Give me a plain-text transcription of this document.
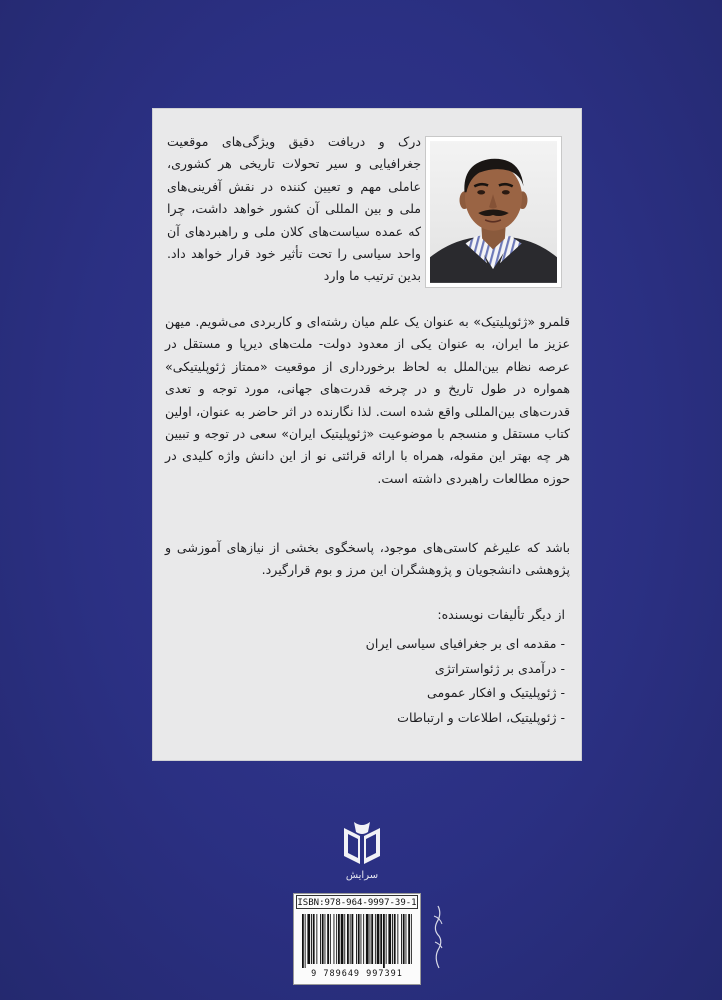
درک و دریافت دقیق ویژگی‌های موقعیت جغرافیایی و سیر تحولات تاریخی هر کشوری، عاملی مهم و تعیین کننده در نقش آفرینی‌های ملی و بین المللی آن کشور خواهد داشت، چرا که عمده سیاست‌های کلان ملی و راهبردهای آن واحد سیاسی را تحت تأثیر خود قرار خواهد داد. بدین ترتیب ما وارد

قلمرو «ژئوپلیتیک» به عنوان یک علم میان رشته‌ای و کاربردی می‌شویم. میهن عزیز ما ایران، به عنوان یکی از معدود دولت- ملت‌های دیرپا و مستقل در عرصه نظام بین‌الملل به لحاظ برخورداری از موقعیت «ممتاز ژئوپلیتیکی» همواره در طول تاریخ و در چرخه قدرت‌های جهانی، مورد توجه و تعدی قدرت‌های بین‌المللی واقع شده است. لذا نگارنده در اثر حاضر به عنوان، اولین کتاب مستقل و منسجم با موضوعیت «ژئوپلیتیک ایران» سعی در توجه و تبیین هر چه بهتر این مقوله، همراه با ارائه قرائتی نو از این دانش واژه کلیدی در حوزه مطالعات راهبردی داشته است.

باشد که علیرغم کاستی‌های موجود، پاسخگوی بخشی از نیازهای آموزشی و پژوهشی دانشجویان و پژوهشگران این مرز و بوم قرارگیرد.

از دیگر تألیفات نویسنده:

- مقدمه ای بر جغرافیای سیاسی ایران
- درآمدی بر ژئواستراتژی
- ژئوپلیتیک و افکار عمومی
- ژئوپلیتیک، اطلاعات و ارتباطات
سرایش
ISBN:978-964-9997-39-1
9 789649 997391
